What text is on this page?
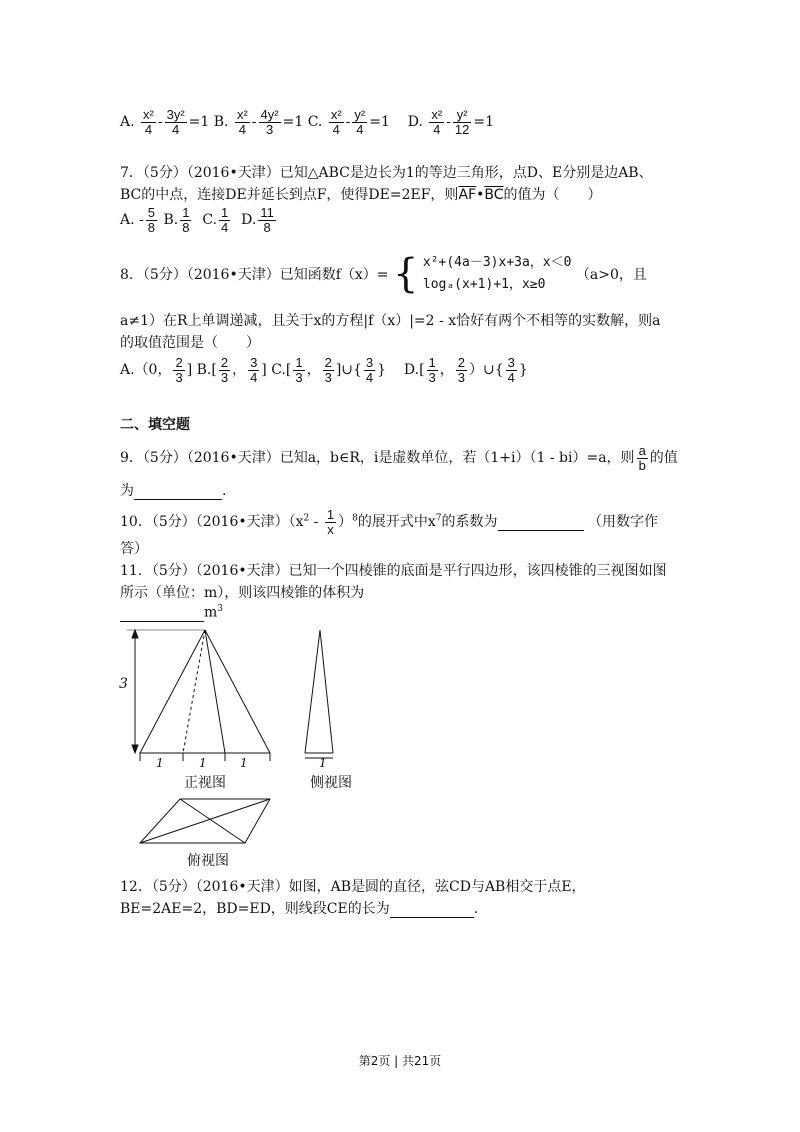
A. $\frac{\text{x²}}{4} - \frac{\text{3y²}}{4} =1$ B. $\frac{\text{x²}}{4} - \frac{\text{4y²}}{3} =1$ C. $\frac{\text{x²}}{4} - \frac{\text{y²}}{4} =1$ D. $\frac{\text{x²}}{4} - \frac{\text{y²}}{12} =1$
7．（5分）（2016•天津）已知△ABC是边长为1的等边三角形，点D、E分别是边AB、
BC的中点，连接DE并延长到点F，使得DE=2EF，则$\overline{AF}•\overline{BC}$的值为（　　）
A. - $\frac{5}{8} B$. $\frac{1}{8} C$. $\frac{1}{4} D$. $\frac{11}{8}$
8．（5分）（2016•天津）已知函数f（x）= { x²+(4a－3)x+3a，x＜0
logₐ(x+1)+1，x≥0
（a>0，且
a≠1）在R上单调递减，且关于x的方程|f（x）|=2 - x恰好有两个不相等的实数解，则a
的取值范围是（　　）
A.（0， $\frac{2}{3}$ ] $B.[ \frac{2}{3}$ ， $\frac{3}{4}$ ] $C.[ \frac{1}{3}$ ， $\frac{2}{3}$ ]∪{ $\frac{3}{4}$ } $D.[ \frac{1}{3}$ ， $\frac{2}{3}$ ）∪{ $\frac{3}{4}$ }
二、填空题
9．（5分）（2016•天津）已知a，b∈R，i是虚数单位，若（1+i）（1 - bi）=a，则 $\frac{a}{b}$ 的值
为	.
10．（5分）（2016•天津）$(x^2 - \frac{1}{x} )^8$的展开式中$x^7$的系数为	（用数字作
答）
11．（5分）（2016•天津）已知一个四棱锥的底面是平行四边形，该四棱锥的三视图如图
所示（单位：m），则该四棱锥的体积为
$m^3$
3
1	1	1	1
正视图	侧视图
俯视图
12．（5分）（2016•天津）如图，AB是圆的直径，弦CD与AB相交于点E，
BE=2AE=2，BD=ED，则线段CE的长为	.
第2页 | 共21页
